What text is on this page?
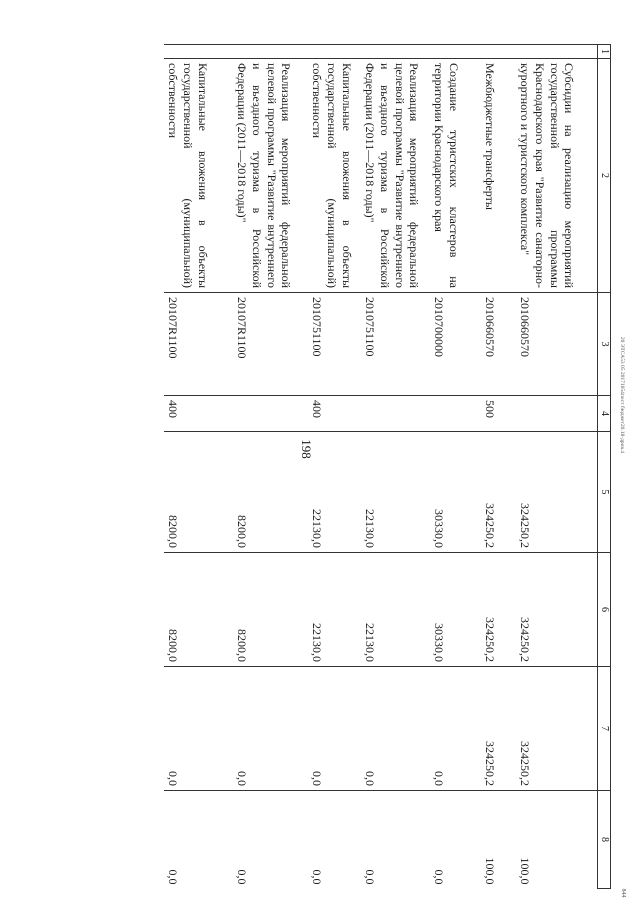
198	20 ЭТСА53 05 20171054пост бюджет20.18-дров.4
844
1	2	3	4	5	6	7	8
	Субсидии на реализацию мероприятий государственной программы Краснодарского края "Развитие санаторно-курортного и туристского комплекса"	2010660570		324250,2	324250,2	324250,2	100,0
	Межбюджетные трансферты	2010660570	500	324250,2	324250,2	324250,2	100,0
	Создание туристских кластеров на территории Краснодарского края	2010700000		30330,0	30330,0	0,0	0,0
	Реализация мероприятий федеральной целевой программы "Развитие внутреннего и въездного туризма в Российской Федерации (2011—2018 годы)"	2010751100		22130,0	22130,0	0,0	0,0
	Капитальные вложения в объекты государственной (муниципальной) собственности	2010751100	400	22130,0	22130,0	0,0	0,0
	Реализация мероприятий федеральной целевой программы "Развитие внутреннего и въездного туризма в Российской Федерации (2011—2018 годы)"	20107R1100		8200,0	8200,0	0,0	0,0
	Капитальные вложения в объекты государственной (муниципальной) собственности	20107R1100	400	8200,0	8200,0	0,0	0,0
